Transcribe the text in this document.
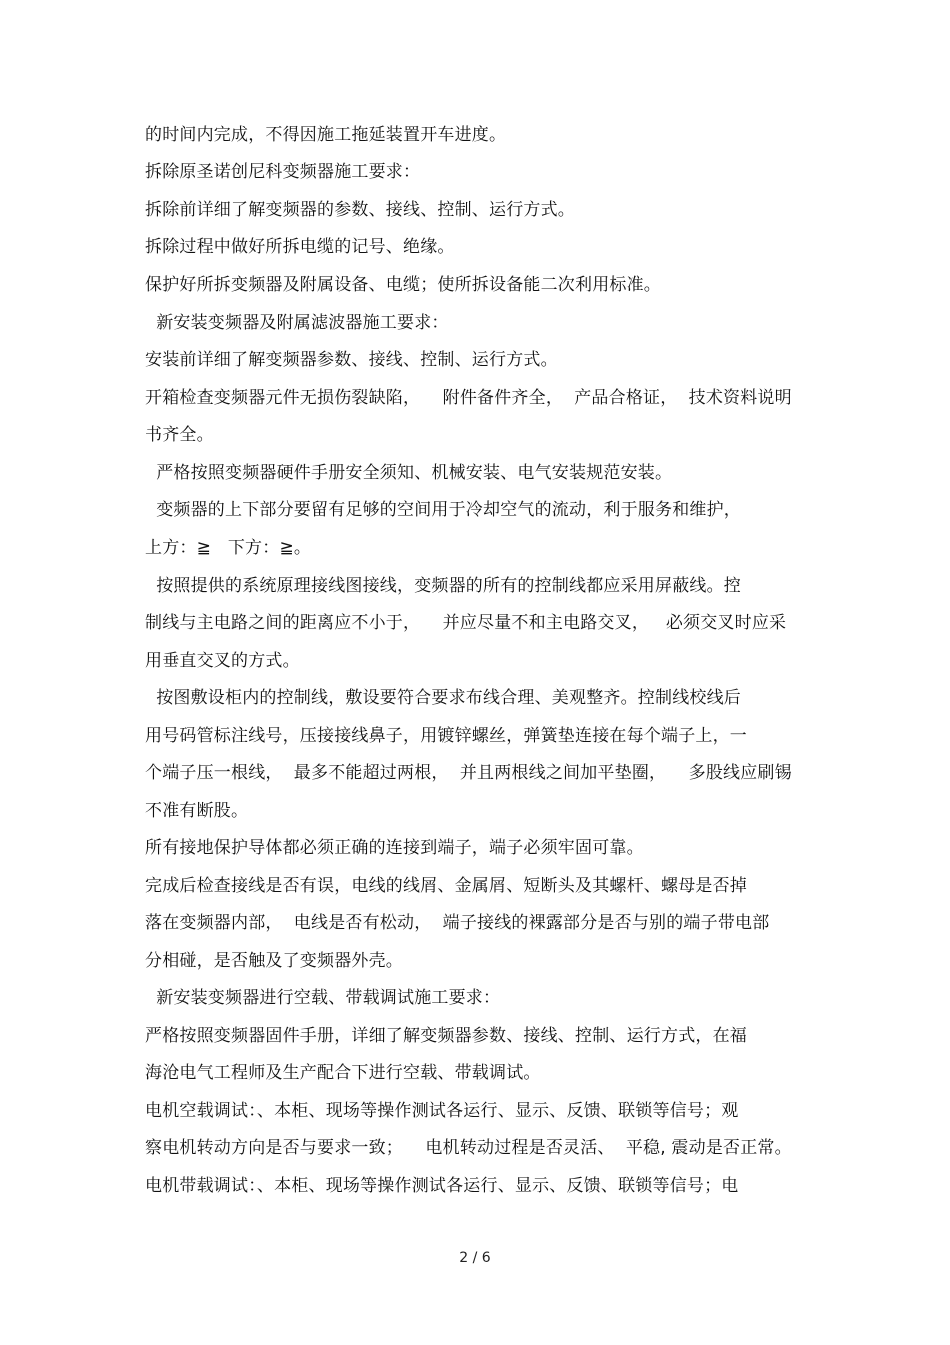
的时间内完成，不得因施工拖延装置开车进度。
拆除原圣诺创尼科变频器施工要求：
拆除前详细了解变频器的参数、接线、控制、运行方式。
拆除过程中做好所拆电缆的记号、绝缘。
保护好所拆变频器及附属设备、电缆；使所拆设备能二次利用标准。
新安装变频器及附属滤波器施工要求：
安装前详细了解变频器参数、接线、控制、运行方式。
开箱检查变频器元件无损伤裂缺陷，    附件备件齐全，  产品合格证，  技术资料说明
书齐全。
严格按照变频器硬件手册安全须知、机械安装、电气安装规范安装。
变频器的上下部分要留有足够的空间用于冷却空气的流动，利于服务和维护，
上方：≧   下方：≧。
按照提供的系统原理接线图接线，变频器的所有的控制线都应采用屏蔽线。控
制线与主电路之间的距离应不小于，    并应尽量不和主电路交叉，   必须交叉时应采
用垂直交叉的方式。
按图敷设柜内的控制线，敷设要符合要求布线合理、美观整齐。控制线校线后
用号码管标注线号，压接接线鼻子，用镀锌螺丝，弹簧垫连接在每个端子上，一
个端子压一根线，  最多不能超过两根，  并且两根线之间加平垫圈，    多股线应刷锡
不准有断股。
所有接地保护导体都必须正确的连接到端子，端子必须牢固可靠。
完成后检查接线是否有误，电线的线屑、金属屑、短断头及其螺杆、螺母是否掉
落在变频器内部，  电线是否有松动，  端子接线的裸露部分是否与别的端子带电部
分相碰，是否触及了变频器外壳。
新安装变频器进行空载、带载调试施工要求：
严格按照变频器固件手册，详细了解变频器参数、接线、控制、运行方式，在福
海沧电气工程师及生产配合下进行空载、带载调试。
电机空载调试：、本柜、现场等操作测试各运行、显示、反馈、联锁等信号；观
察电机转动方向是否与要求一致；    电机转动过程是否灵活、  平稳, 震动是否正常。
电机带载调试：、本柜、现场等操作测试各运行、显示、反馈、联锁等信号；电
2 / 6
